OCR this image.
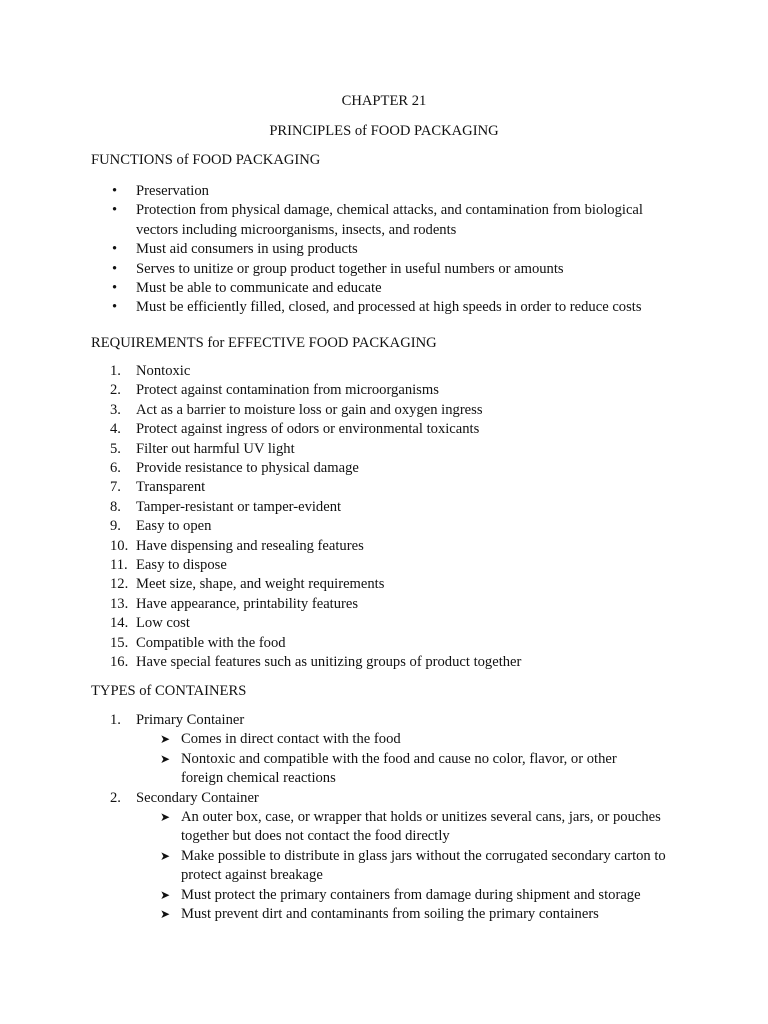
CHAPTER 21
PRINCIPLES of FOOD PACKAGING
FUNCTIONS of FOOD PACKAGING
• Preservation
• Protection from physical damage, chemical attacks, and contamination from biological vectors including microorganisms, insects, and rodents
• Must aid consumers in using products
• Serves to unitize or group product together in useful numbers or amounts
• Must be able to communicate and educate
• Must be efficiently filled, closed, and processed at high speeds in order to reduce costs
REQUIREMENTS for EFFECTIVE FOOD PACKAGING
1. Nontoxic
2. Protect against contamination from microorganisms
3. Act as a barrier to moisture loss or gain and oxygen ingress
4. Protect against ingress of odors or environmental toxicants
5. Filter out harmful UV light
6. Provide resistance to physical damage
7. Transparent
8. Tamper-resistant or tamper-evident
9. Easy to open
10. Have dispensing and resealing features
11. Easy to dispose
12. Meet size, shape, and weight requirements
13. Have appearance, printability features
14. Low cost
15. Compatible with the food
16. Have special features such as unitizing groups of product together
TYPES of CONTAINERS
1. Primary Container
➤ Comes in direct contact with the food
➤ Nontoxic and compatible with the food and cause no color, flavor, or other foreign chemical reactions
2. Secondary Container
➤ An outer box, case, or wrapper that holds or unitizes several cans, jars, or pouches together but does not contact the food directly
➤ Make possible to distribute in glass jars without the corrugated secondary carton to protect against breakage
➤ Must protect the primary containers from damage during shipment and storage
➤ Must prevent dirt and contaminants from soiling the primary containers
